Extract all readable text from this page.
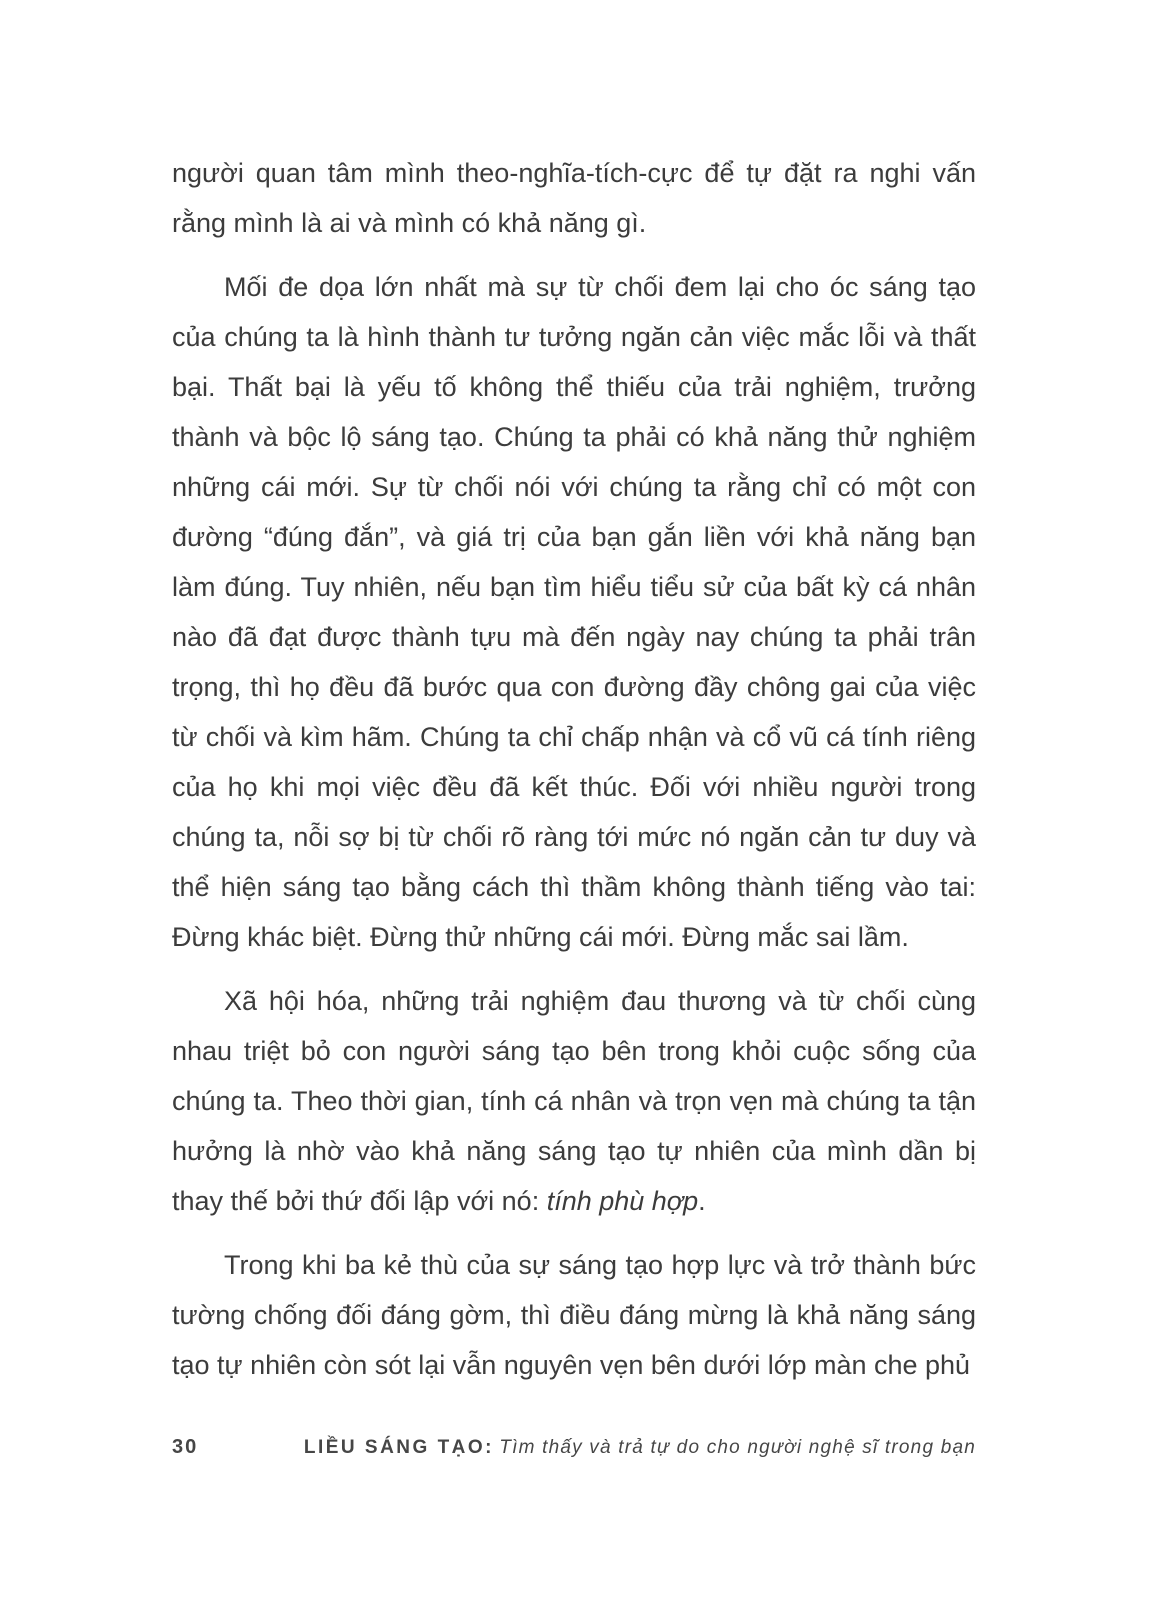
người quan tâm mình theo-nghĩa-tích-cực để tự đặt ra nghi vấn rằng mình là ai và mình có khả năng gì.

Mối đe dọa lớn nhất mà sự từ chối đem lại cho óc sáng tạo của chúng ta là hình thành tư tưởng ngăn cản việc mắc lỗi và thất bại. Thất bại là yếu tố không thể thiếu của trải nghiệm, trưởng thành và bộc lộ sáng tạo. Chúng ta phải có khả năng thử nghiệm những cái mới. Sự từ chối nói với chúng ta rằng chỉ có một con đường “đúng đắn”, và giá trị của bạn gắn liền với khả năng bạn làm đúng. Tuy nhiên, nếu bạn tìm hiểu tiểu sử của bất kỳ cá nhân nào đã đạt được thành tựu mà đến ngày nay chúng ta phải trân trọng, thì họ đều đã bước qua con đường đầy chông gai của việc từ chối và kìm hãm. Chúng ta chỉ chấp nhận và cổ vũ cá tính riêng của họ khi mọi việc đều đã kết thúc. Đối với nhiều người trong chúng ta, nỗi sợ bị từ chối rõ ràng tới mức nó ngăn cản tư duy và thể hiện sáng tạo bằng cách thì thầm không thành tiếng vào tai: Đừng khác biệt. Đừng thử những cái mới. Đừng mắc sai lầm.

Xã hội hóa, những trải nghiệm đau thương và từ chối cùng nhau triệt bỏ con người sáng tạo bên trong khỏi cuộc sống của chúng ta. Theo thời gian, tính cá nhân và trọn vẹn mà chúng ta tận hưởng là nhờ vào khả năng sáng tạo tự nhiên của mình dần bị thay thế bởi thứ đối lập với nó: tính phù hợp.

Trong khi ba kẻ thù của sự sáng tạo hợp lực và trở thành bức tường chống đối đáng gờm, thì điều đáng mừng là khả năng sáng tạo tự nhiên còn sót lại vẫn nguyên vẹn bên dưới lớp màn che phủ

30	LIỀU SÁNG TẠO: Tìm thấy và trả tự do cho người nghệ sĩ trong bạn
